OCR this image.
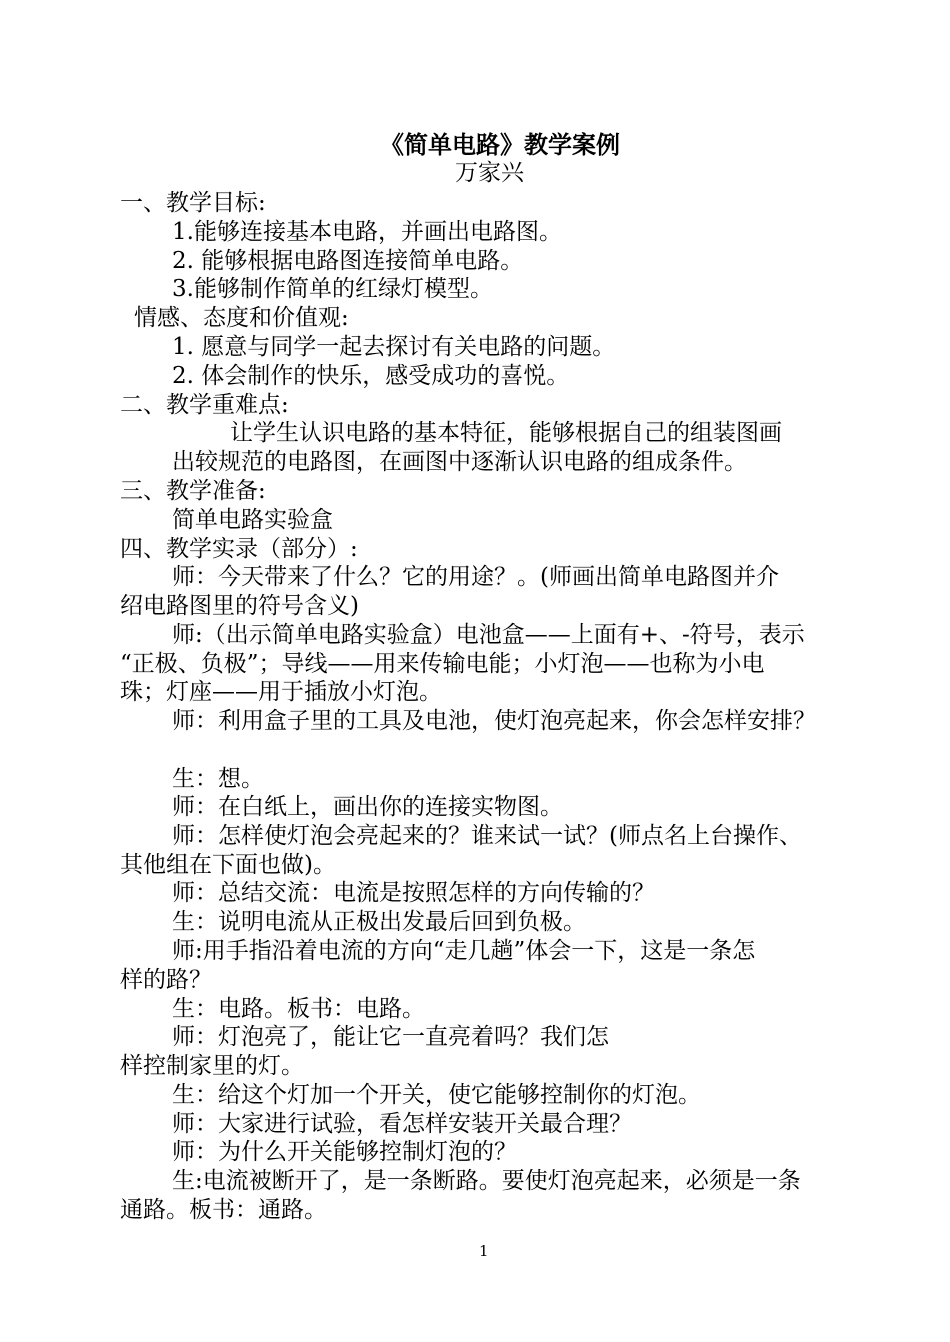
《简单电路》教学案例
万家兴
一、教学目标:
1.能够连接基本电路，并画出电路图。
2. 能够根据电路图连接简单电路。
3.能够制作简单的红绿灯模型。
情感、态度和价值观:
1. 愿意与同学一起去探讨有关电路的问题。
2. 体会制作的快乐，感受成功的喜悦。
二、教学重难点:
让学生认识电路的基本特征，能够根据自己的组装图画
出较规范的电路图，在画图中逐渐认识电路的组成条件。
三、教学准备:
简单电路实验盒
四、教学实录（部分）:
师：今天带来了什么？它的用途？。(师画出简单电路图并介
绍电路图里的符号含义)
师:（出示简单电路实验盒）电池盒——上面有+、-符号，表示
“正极、负极”；导线——用来传输电能；小灯泡——也称为小电
珠；灯座——用于插放小灯泡。
师：利用盒子里的工具及电池，使灯泡亮起来，你会怎样安排？
生：想。
师：在白纸上，画出你的连接实物图。
师：怎样使灯泡会亮起来的？谁来试一试？(师点名上台操作、
其他组在下面也做)。
师：总结交流：电流是按照怎样的方向传输的？
生：说明电流从正极出发最后回到负极。
师:用手指沿着电流的方向“走几趟”体会一下，这是一条怎
样的路？
生：电路。板书：电路。
师：灯泡亮了，能让它一直亮着吗？我们怎
样控制家里的灯。
生：给这个灯加一个开关，使它能够控制你的灯泡。
师：大家进行试验，看怎样安装开关最合理？
师：为什么开关能够控制灯泡的？
生:电流被断开了，是一条断路。要使灯泡亮起来，必须是一条
通路。板书：通路。
1
